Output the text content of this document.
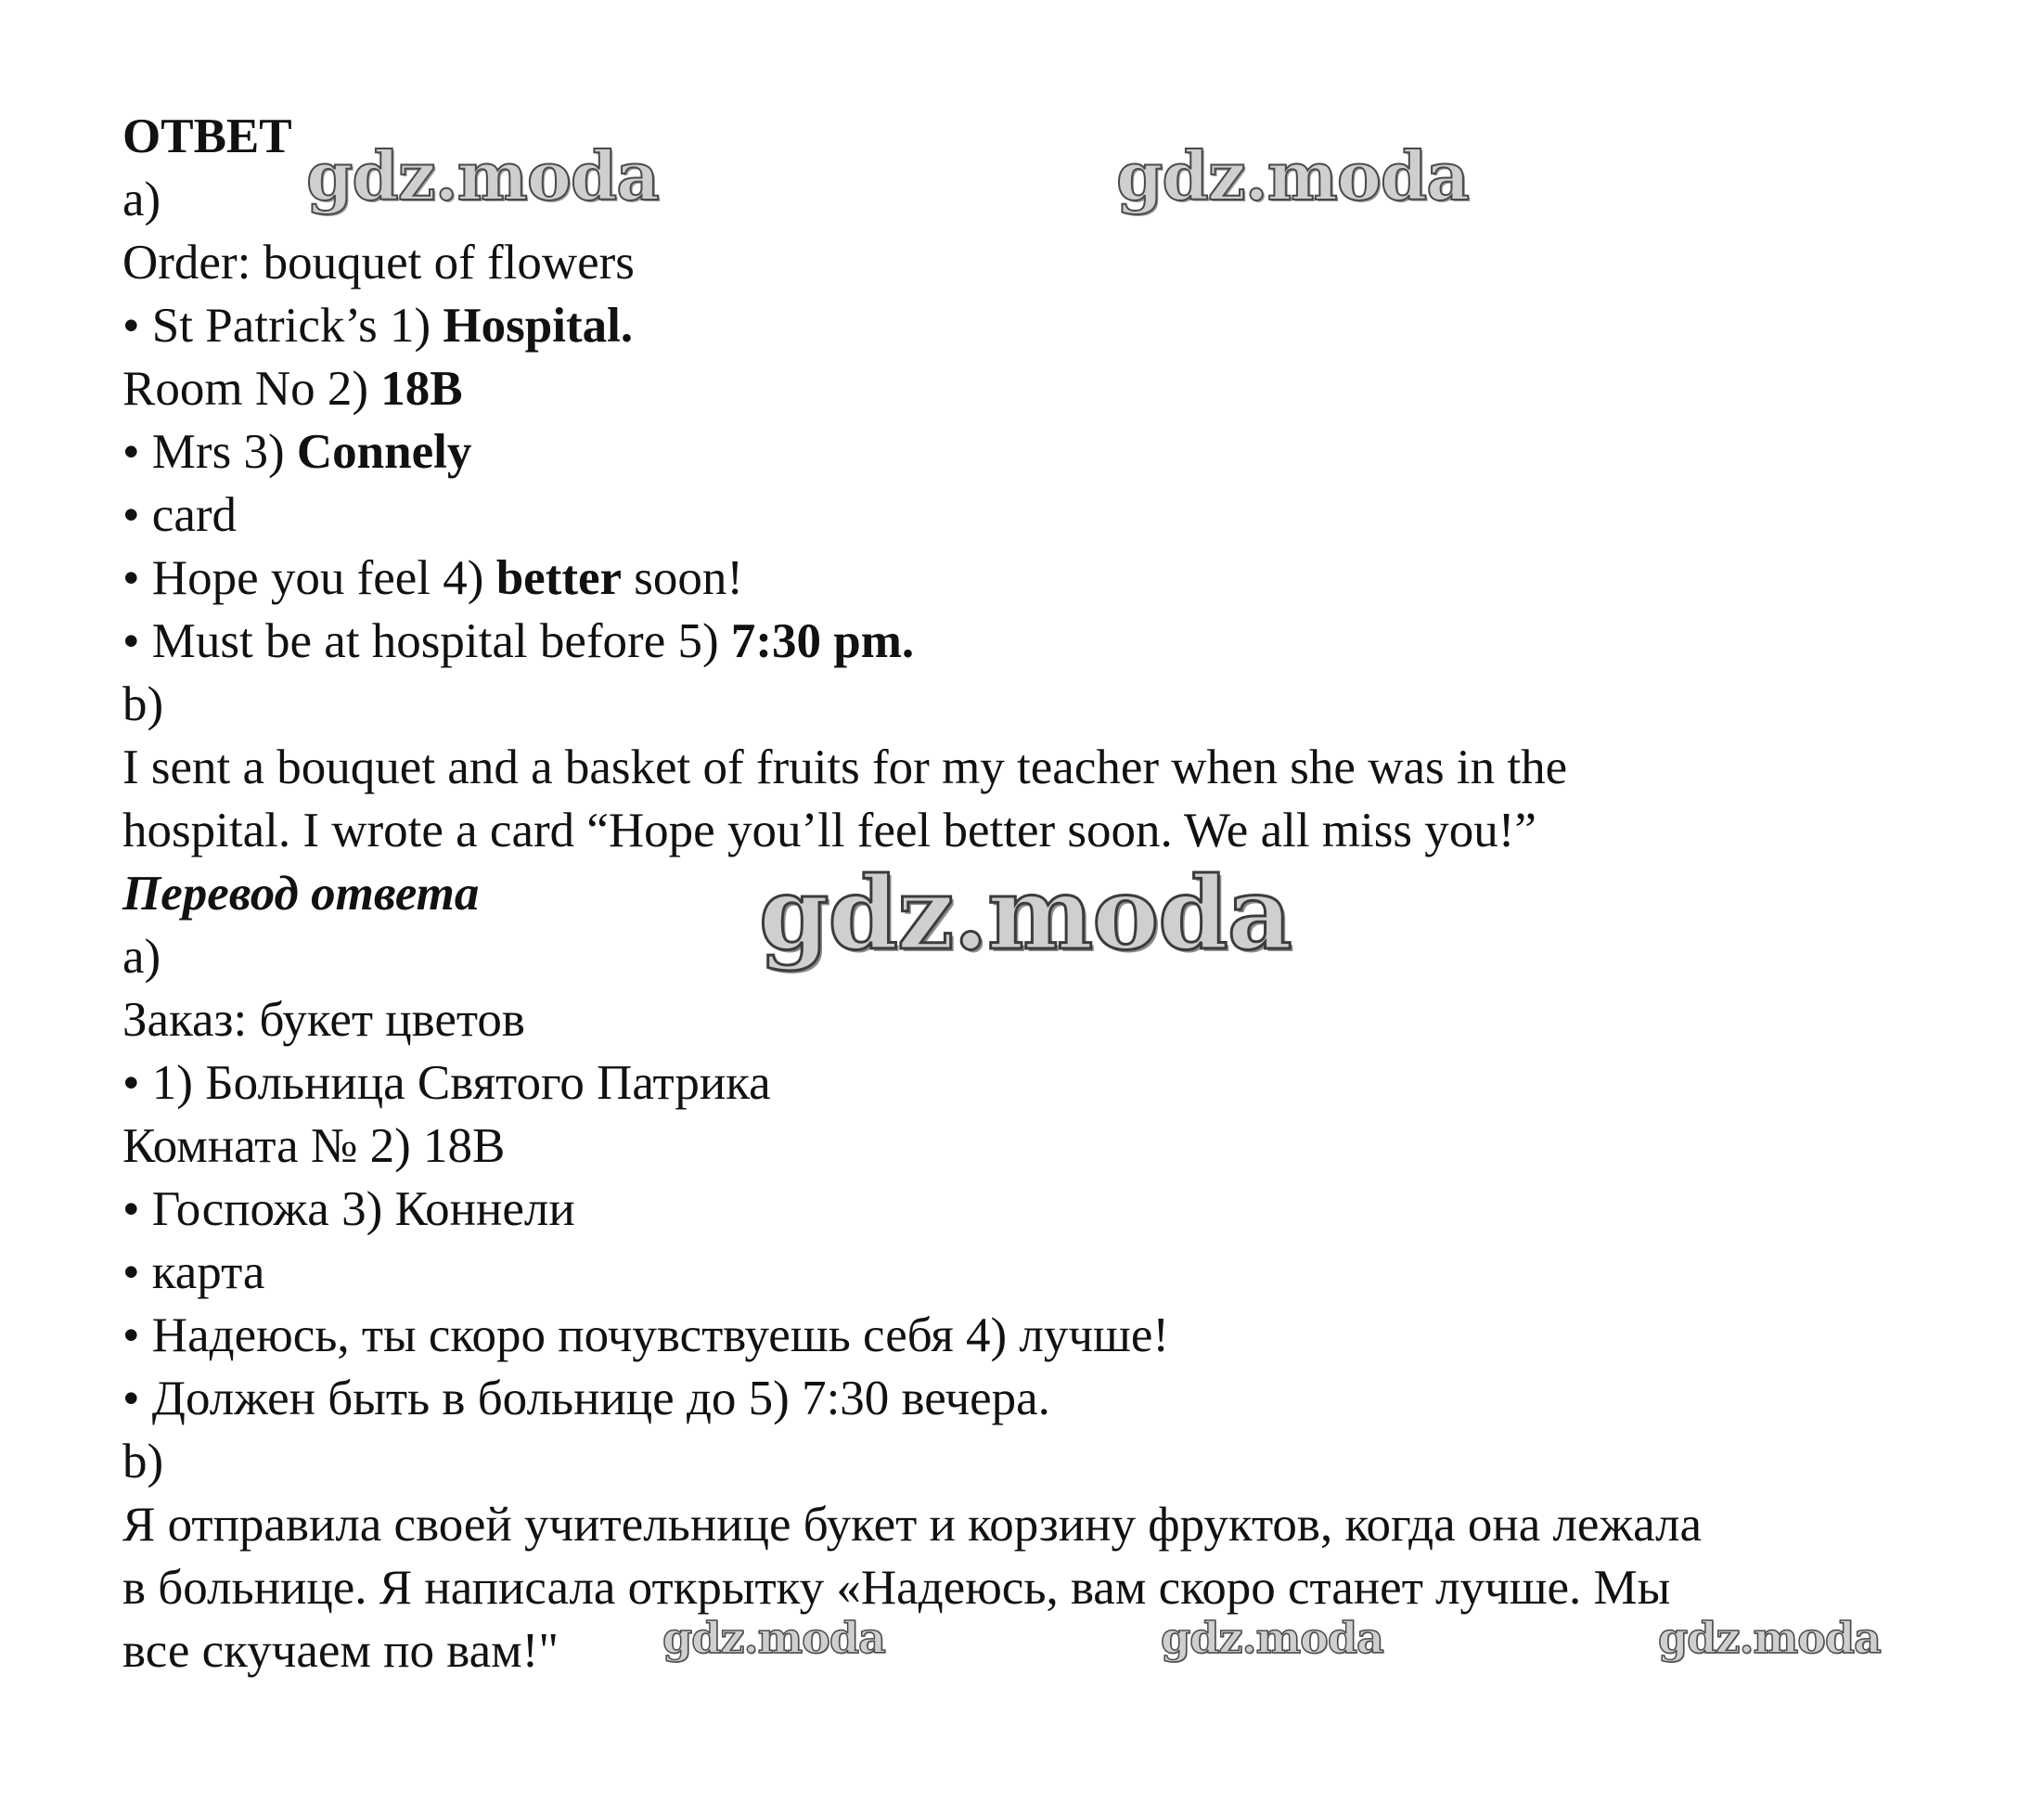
ОТВЕТ
a)
Order: bouquet of flowers
• St Patrick’s 1) Hospital.
Room No 2) 18B
• Mrs 3) Connely
• card
• Hope you feel 4) better soon!
• Must be at hospital before 5) 7:30 pm.
b)
I sent a bouquet and a basket of fruits for my teacher when she was in the
hospital. I wrote a card “Hope you’ll feel better soon. We all miss you!”
Перевод ответа
a)
Заказ: букет цветов
• 1) Больница Святого Патрика
Комната № 2) 18B
• Госпожа 3) Коннели
• карта
• Надеюсь, ты скоро почувствуешь себя 4) лучше!
• Должен быть в больнице до 5) 7:30 вечера.
b)
Я отправила своей учительнице букет и корзину фруктов, когда она лежала
в больнице. Я написала открытку «Надеюсь, вам скоро станет лучше. Мы
все скучаем по вам!"
gdz.moda	gdz.moda
gdz.moda
gdz.moda	gdz.moda	gdz.moda
